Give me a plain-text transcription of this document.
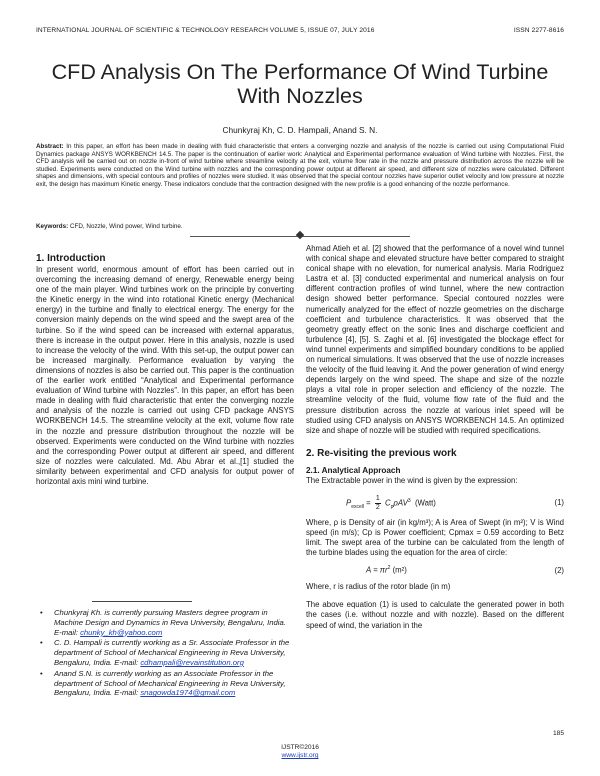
INTERNATIONAL JOURNAL OF SCIENTIFIC & TECHNOLOGY RESEARCH VOLUME 5, ISSUE 07, JULY 2016	ISSN 2277-8616
CFD Analysis On The Performance Of Wind Turbine With Nozzles
Chunkyraj Kh, C. D. Hampali, Anand S. N.
Abstract: In this paper, an effort has been made in dealing with fluid characteristic that enters a converging nozzle and analysis of the nozzle is carried out using Computational Fluid Dynamics package ANSYS WORKBENCH 14.5. The paper is the continuation of earlier work: Analytical and Experimental performance evaluation of Wind turbine with Nozzles. First, the CFD analysis will be carried out on nozzle in-front of wind turbine where streamline velocity at the exit, volume flow rate in the nozzle and pressure distribution across the nozzle will be studied. Experiments were conducted on the Wind turbine with nozzles and the corresponding power output at different air speed, and different size of nozzles were calculated. Different shapes and dimensions, with special contours and profiles of nozzles were studied. It was observed that the special contour nozzles have superior outlet velocity and low pressure at nozzle exit, the design has maximum Kinetic energy. These indicators conclude that the contraction designed with the new profile is a good enhancing of the nozzle performance.
Keywords: CFD, Nozzle, Wind power, Wind turbine.
1. Introduction

In present world, enormous amount of effort has been carried out in overcoming the increasing demand of energy, Renewable energy being one of the main player. Wind turbines work on the principle by converting the Kinetic energy in the wind into rotational Kinetic energy (Mechanical energy) in the turbine and finally to electrical energy. The energy for the conversion mainly depends on the wind speed and the swept area of the turbine. So if the wind speed can be increased with external apparatus, there is increase in the output power. Here in this analysis, nozzle is used to increase the velocity of the wind. With this set-up, the output power can be increased marginally. Performance evaluation by varying the dimensions of nozzles is also be carried out. This paper is the continuation of the earlier work entitled “Analytical and Experimental performance evaluation of Wind turbine with Nozzles”. In this paper, an effort has been made in dealing with fluid characteristic that enter the converging nozzle and analysis of the nozzle is carried out using CFD package ANSYS WORKBENCH 14.5. The streamline velocity at the exit, volume flow rate in the nozzle and pressure distribution throughout the nozzle will be observed. Experiments were conducted on the Wind turbine with nozzles and the corresponding Power output at different air speed, and different size of nozzles were calculated. Md. Abu Abrar et al.,[1] studied the similarity between experimental and CFD analysis for output power of horizontal axis mini wind turbine.

• Chunkyraj Kh. is currently pursuing Masters degree program in Machine Design and Dynamics in Reva University, Bengaluru, India. E-mail: chunky_kh@yahoo.com
• C. D. Hampali is currently working as a Sr. Associate Professor in the department of School of Mechanical Engineering in Reva University, Bengaluru, India. E-mail: cdhampali@revainstitution.org
• Anand S.N. is currently working as an Associate Professor in the department of School of Mechanical Engineering in Reva University, Bengaluru, India. E-mail: snagowda1974@gmail.com

Ahmad Atieh et al. [2] showed that the performance of a novel wind tunnel with conical shape and elevated structure have better compared to straight conical shape with no elevation, for numerical analysis. Maria Rodriguez Lastra et al. [3] conducted experimental and numerical analysis on four different contraction profiles of wind tunnel, where the new contraction design showed better performance. Special contoured nozzles were numerically analyzed for the effect of nozzle geometries on the discharge coefficient and turbulence characteristics. It was observed that the geometry greatly effect on the sonic lines and discharge coefficient and turbulence [4], [5]. S. Zaghi et al. [6] investigated the blockage effect for wind tunnel experiments and simplified boundary conditions to be applied on numerical simulations. It was observed that the use of nozzle increases the velocity of the fluid leaving it. And the power generation of wind energy depends largely on the wind speed. The shape and size of the nozzle plays a vital role in proper selection and efficiency of the nozzle. The streamline velocity of the fluid, volume flow rate of the fluid and the pressure distribution across the nozzle at various inlet speed will be studied using CFD analysis on ANSYS WORKBENCH 14.5. An optimized size and shape of nozzle will be studied with required specifications.

2. Re-visiting the previous work
2.1. Analytical Approach

The Extractable power in the wind is given by the expression:

$P_{excell} = \frac{1}{2} C_p\rho AV^3$ (Watt)	(1)

Where, ρ is Density of air (in kg/m³); A is Area of Swept (in m²); V is Wind speed (in m/s); Cp is Power coefficient; Cpmax = 0.59 according to Betz limit. The swept area of the turbine can be calculated from the length of the turbine blades using the equation for the area of circle:

$A = \pi r^2$ (m²)	(2)

Where, r is radius of the rotor blade (in m)

The above equation (1) is used to calculate the generated power in both the cases (i.e. without nozzle and with nozzle). Based on the different speed of wind, the variation in the

185
IJSTR©2016
www.ijstr.org
